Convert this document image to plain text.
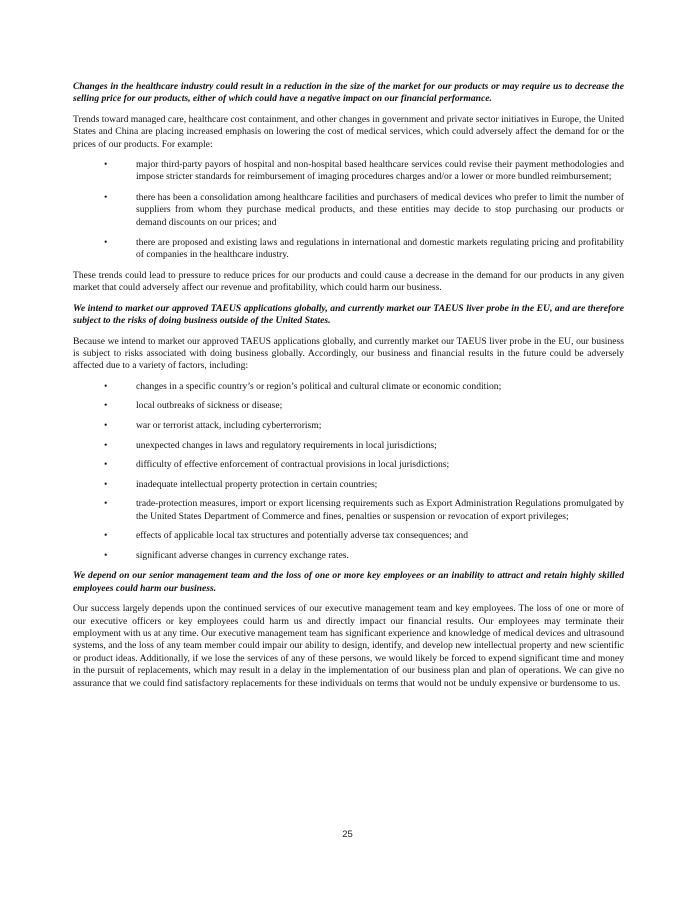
Changes in the healthcare industry could result in a reduction in the size of the market for our products or may require us to decrease the selling price for our products, either of which could have a negative impact on our financial performance.

Trends toward managed care, healthcare cost containment, and other changes in government and private sector initiatives in Europe, the United States and China are placing increased emphasis on lowering the cost of medical services, which could adversely affect the demand for or the prices of our products. For example:

•	major third-party payors of hospital and non-hospital based healthcare services could revise their payment methodologies and impose stricter standards for reimbursement of imaging procedures charges and/or a lower or more bundled reimbursement;
•	there has been a consolidation among healthcare facilities and purchasers of medical devices who prefer to limit the number of suppliers from whom they purchase medical products, and these entities may decide to stop purchasing our products or demand discounts on our prices; and
•	there are proposed and existing laws and regulations in international and domestic markets regulating pricing and profitability of companies in the healthcare industry.

These trends could lead to pressure to reduce prices for our products and could cause a decrease in the demand for our products in any given market that could adversely affect our revenue and profitability, which could harm our business.

We intend to market our approved TAEUS applications globally, and currently market our TAEUS liver probe in the EU, and are therefore subject to the risks of doing business outside of the United States.

Because we intend to market our approved TAEUS applications globally, and currently market our TAEUS liver probe in the EU, our business is subject to risks associated with doing business globally. Accordingly, our business and financial results in the future could be adversely affected due to a variety of factors, including:

•	changes in a specific country’s or region’s political and cultural climate or economic condition;
•	local outbreaks of sickness or disease;
•	war or terrorist attack, including cyberterrorism;
•	unexpected changes in laws and regulatory requirements in local jurisdictions;
•	difficulty of effective enforcement of contractual provisions in local jurisdictions;
•	inadequate intellectual property protection in certain countries;
•	trade-protection measures, import or export licensing requirements such as Export Administration Regulations promulgated by the United States Department of Commerce and fines, penalties or suspension or revocation of export privileges;
•	effects of applicable local tax structures and potentially adverse tax consequences; and
•	significant adverse changes in currency exchange rates.

We depend on our senior management team and the loss of one or more key employees or an inability to attract and retain highly skilled employees could harm our business.

Our success largely depends upon the continued services of our executive management team and key employees. The loss of one or more of our executive officers or key employees could harm us and directly impact our financial results. Our employees may terminate their employment with us at any time. Our executive management team has significant experience and knowledge of medical devices and ultrasound systems, and the loss of any team member could impair our ability to design, identify, and develop new intellectual property and new scientific or product ideas. Additionally, if we lose the services of any of these persons, we would likely be forced to expend significant time and money in the pursuit of replacements, which may result in a delay in the implementation of our business plan and plan of operations. We can give no assurance that we could find satisfactory replacements for these individuals on terms that would not be unduly expensive or burdensome to us.

25
